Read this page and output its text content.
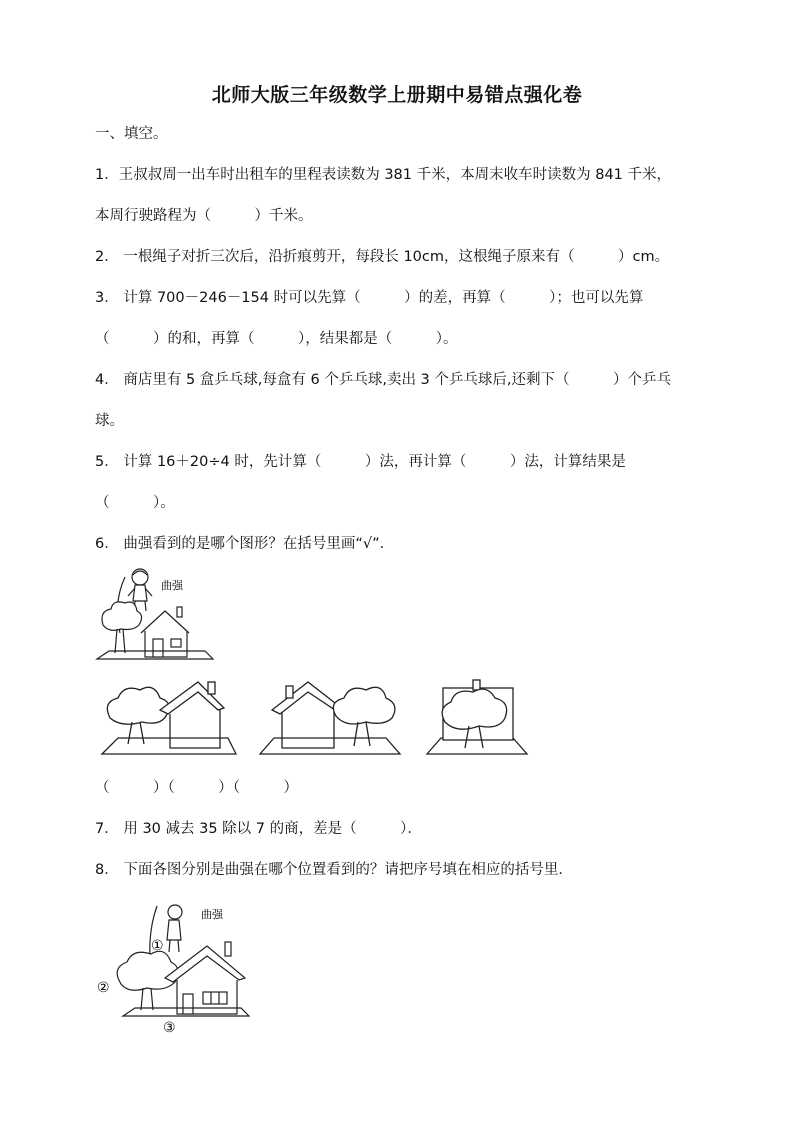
北师大版三年级数学上册期中易错点强化卷
一、填空。
1．王叔叔周一出车时出租车的里程表读数为 381 千米，本周末收车时读数为 841 千米，
本周行驶路程为（　　　）千米。
2． 一根绳子对折三次后，沿折痕剪开，每段长 10cm，这根绳子原来有（　　　）cm。
3． 计算 700－246－154 时可以先算（　　　）的差，再算（　　　）；也可以先算
（　　　）的和，再算（　　　），结果都是（　　　）。
4． 商店里有 5 盒乒乓球,每盒有 6 个乒乓球,卖出 3 个乒乓球后,还剩下（　　　）个乒乓
球。
5． 计算 16＋20÷4 时，先计算（　　　）法，再计算（　　　）法，计算结果是
（　　　）。
6． 曲强看到的是哪个图形？在括号里画“√”．
曲强
（　　　）（　　　）（　　　）
7． 用 30 减去 35 除以 7 的商，差是（　　　）．
8． 下面各图分别是曲强在哪个位置看到的？请把序号填在相应的括号里．
曲强
①
②
③
